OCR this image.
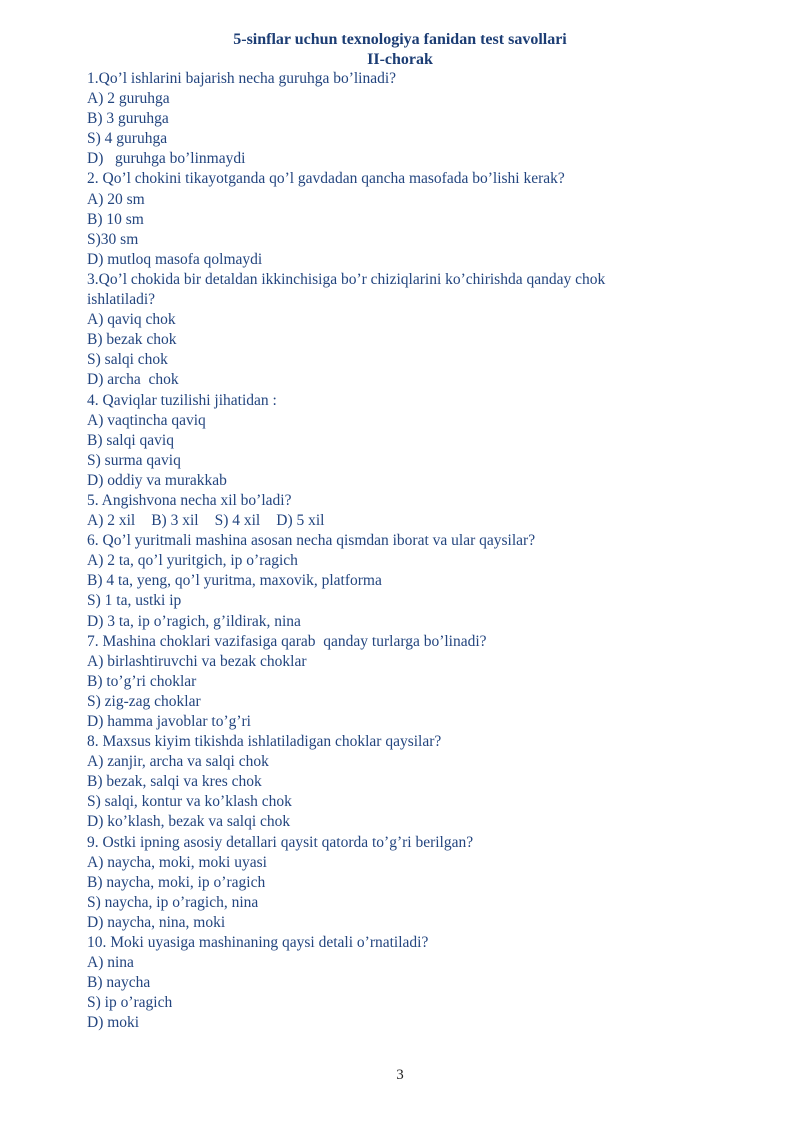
5-sinflar uchun texnologiya fanidan test savollari
II-chorak
1.Qo’l ishlarini bajarish necha guruhga bo’linadi?
A) 2 guruhga
B) 3 guruhga
S) 4 guruhga
D)   guruhga bo’linmaydi
2. Qo’l chokini tikayotganda qo’l gavdadan qancha masofada bo’lishi kerak?
A) 20 sm
B) 10 sm
S)30 sm
D) mutloq masofa qolmaydi
3.Qo’l chokida bir detaldan ikkinchisiga bo’r chiziqlarini ko’chirishda qanday chok
ishlatiladi?
A) qaviq chok
B) bezak chok
S) salqi chok
D) archa  chok
4. Qaviqlar tuzilishi jihatidan :
A) vaqtincha qaviq
B) salqi qaviq
S) surma qaviq
D) oddiy va murakkab
5. Angishvona necha xil bo’ladi?
A) 2 xil B) 3 xil S) 4 xil D) 5 xil
6. Qo’l yuritmali mashina asosan necha qismdan iborat va ular qaysilar?
A) 2 ta, qo’l yuritgich, ip o’ragich
B) 4 ta, yeng, qo’l yuritma, maxovik, platforma
S) 1 ta, ustki ip
D) 3 ta, ip o’ragich, g’ildirak, nina
7. Mashina choklari vazifasiga qarab  qanday turlarga bo’linadi?
A) birlashtiruvchi va bezak choklar
B) to’g’ri choklar
S) zig-zag choklar
D) hamma javoblar to’g’ri
8. Maxsus kiyim tikishda ishlatiladigan choklar qaysilar?
A) zanjir, archa va salqi chok
B) bezak, salqi va kres chok
S) salqi, kontur va ko’klash chok
D) ko’klash, bezak va salqi chok
9. Ostki ipning asosiy detallari qaysit qatorda to’g’ri berilgan?
A) naycha, moki, moki uyasi
B) naycha, moki, ip o’ragich
S) naycha, ip o’ragich, nina
D) naycha, nina, moki
10. Moki uyasiga mashinaning qaysi detali o’rnatiladi?
A) nina
B) naycha
S) ip o’ragich
D) moki
3
